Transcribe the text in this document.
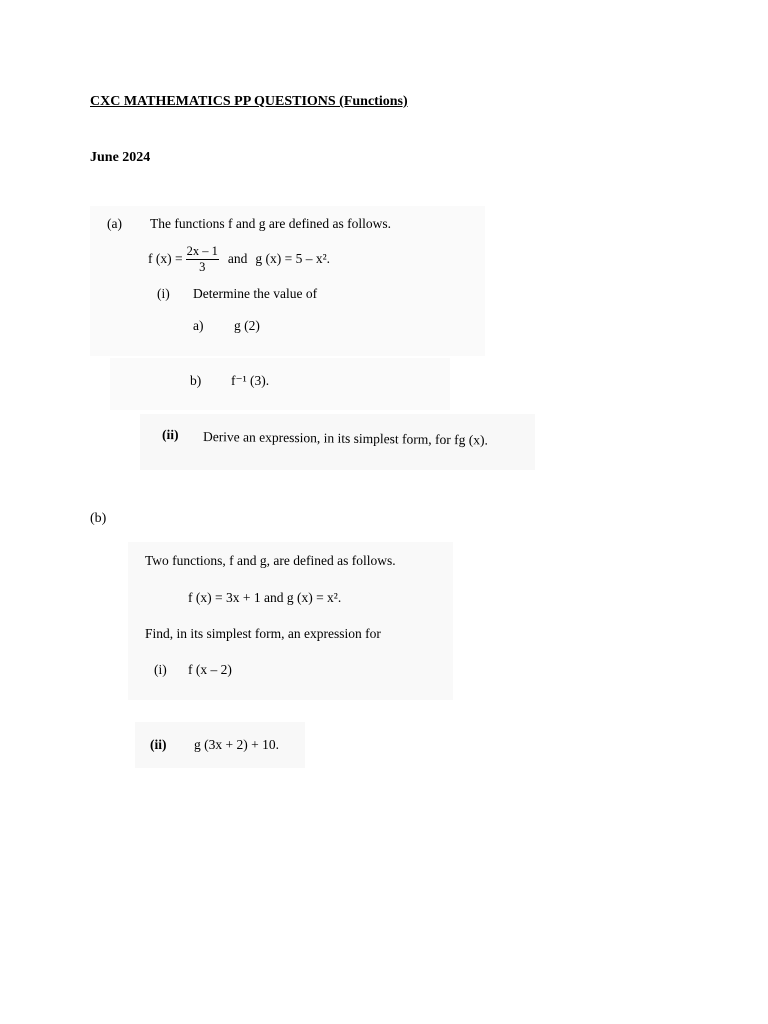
CXC MATHEMATICS PP QUESTIONS (Functions)
June 2024
(a) The functions f and g are defined as follows.
f $(x) = \frac{2x - 1}{3}$ and g (x) = 5 – x².
(i) Determine the value of
a) g (2)
b) f⁻¹ (3).
(ii) Derive an expression, in its simplest form, for fg (x).
(b)
Two functions, f and g, are defined as follows.
f (x) = 3x + 1 and g (x) = x².
Find, in its simplest form, an expression for
(i) f (x – 2)
(ii) g (3x + 2) + 10.
